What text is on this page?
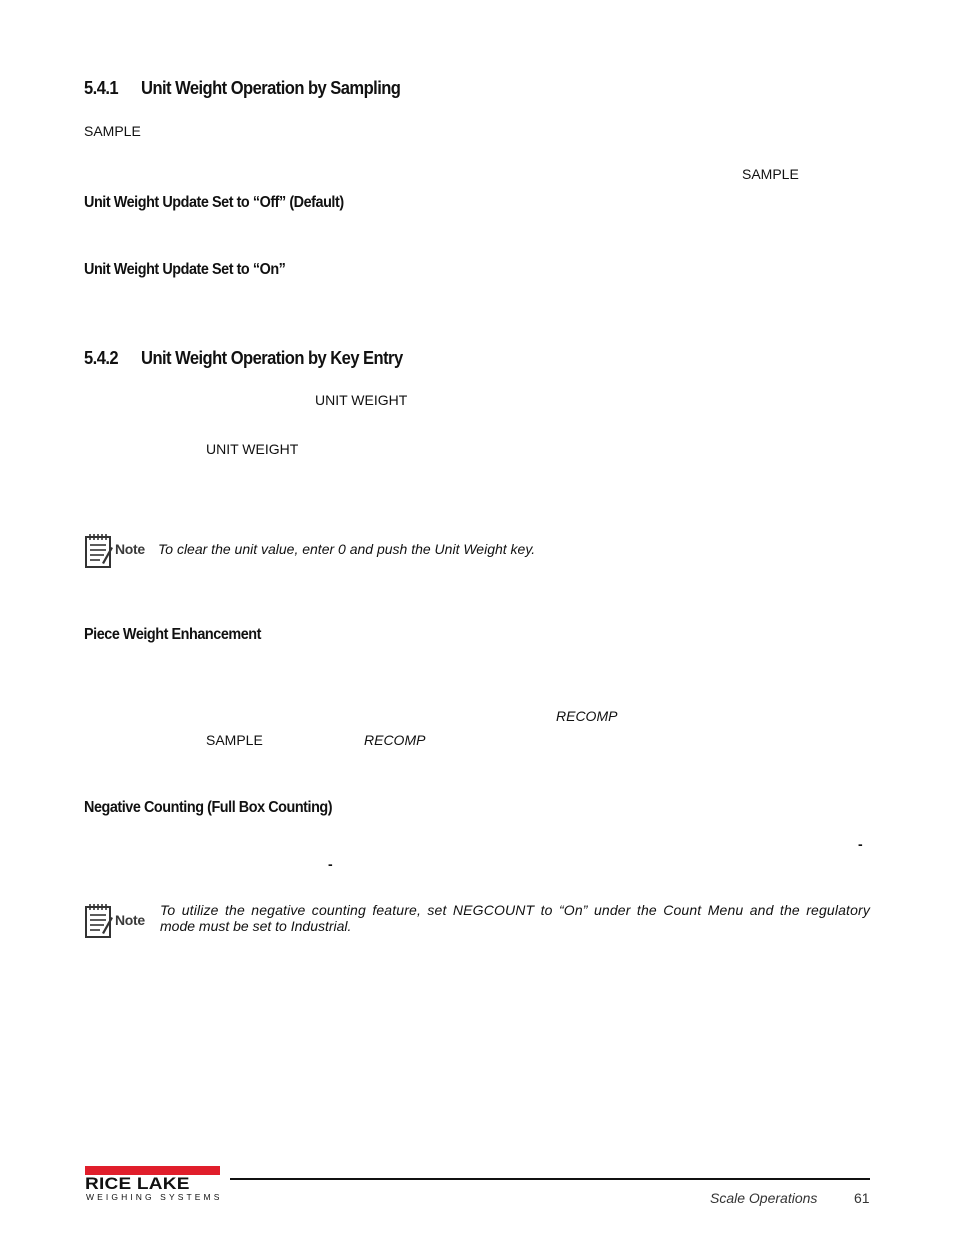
5.4.1 Unit Weight Operation by Sampling
SAMPLE
SAMPLE
Unit Weight Update Set to “Off” (Default)
Unit Weight Update Set to “On”
5.4.2 Unit Weight Operation by Key Entry
UNIT WEIGHT
UNIT WEIGHT
Note To clear the unit value, enter 0 and push the Unit Weight key.
Piece Weight Enhancement
RECOMP
SAMPLE	RECOMP
Negative Counting (Full Box Counting)
-
-
Note
To utilize the negative counting feature, set NEGCOUNT to “On” under the Count Menu and the regulatory
mode must be set to Industrial.
RICE LAKE
WEIGHING SYSTEMS	Scale Operations	61
